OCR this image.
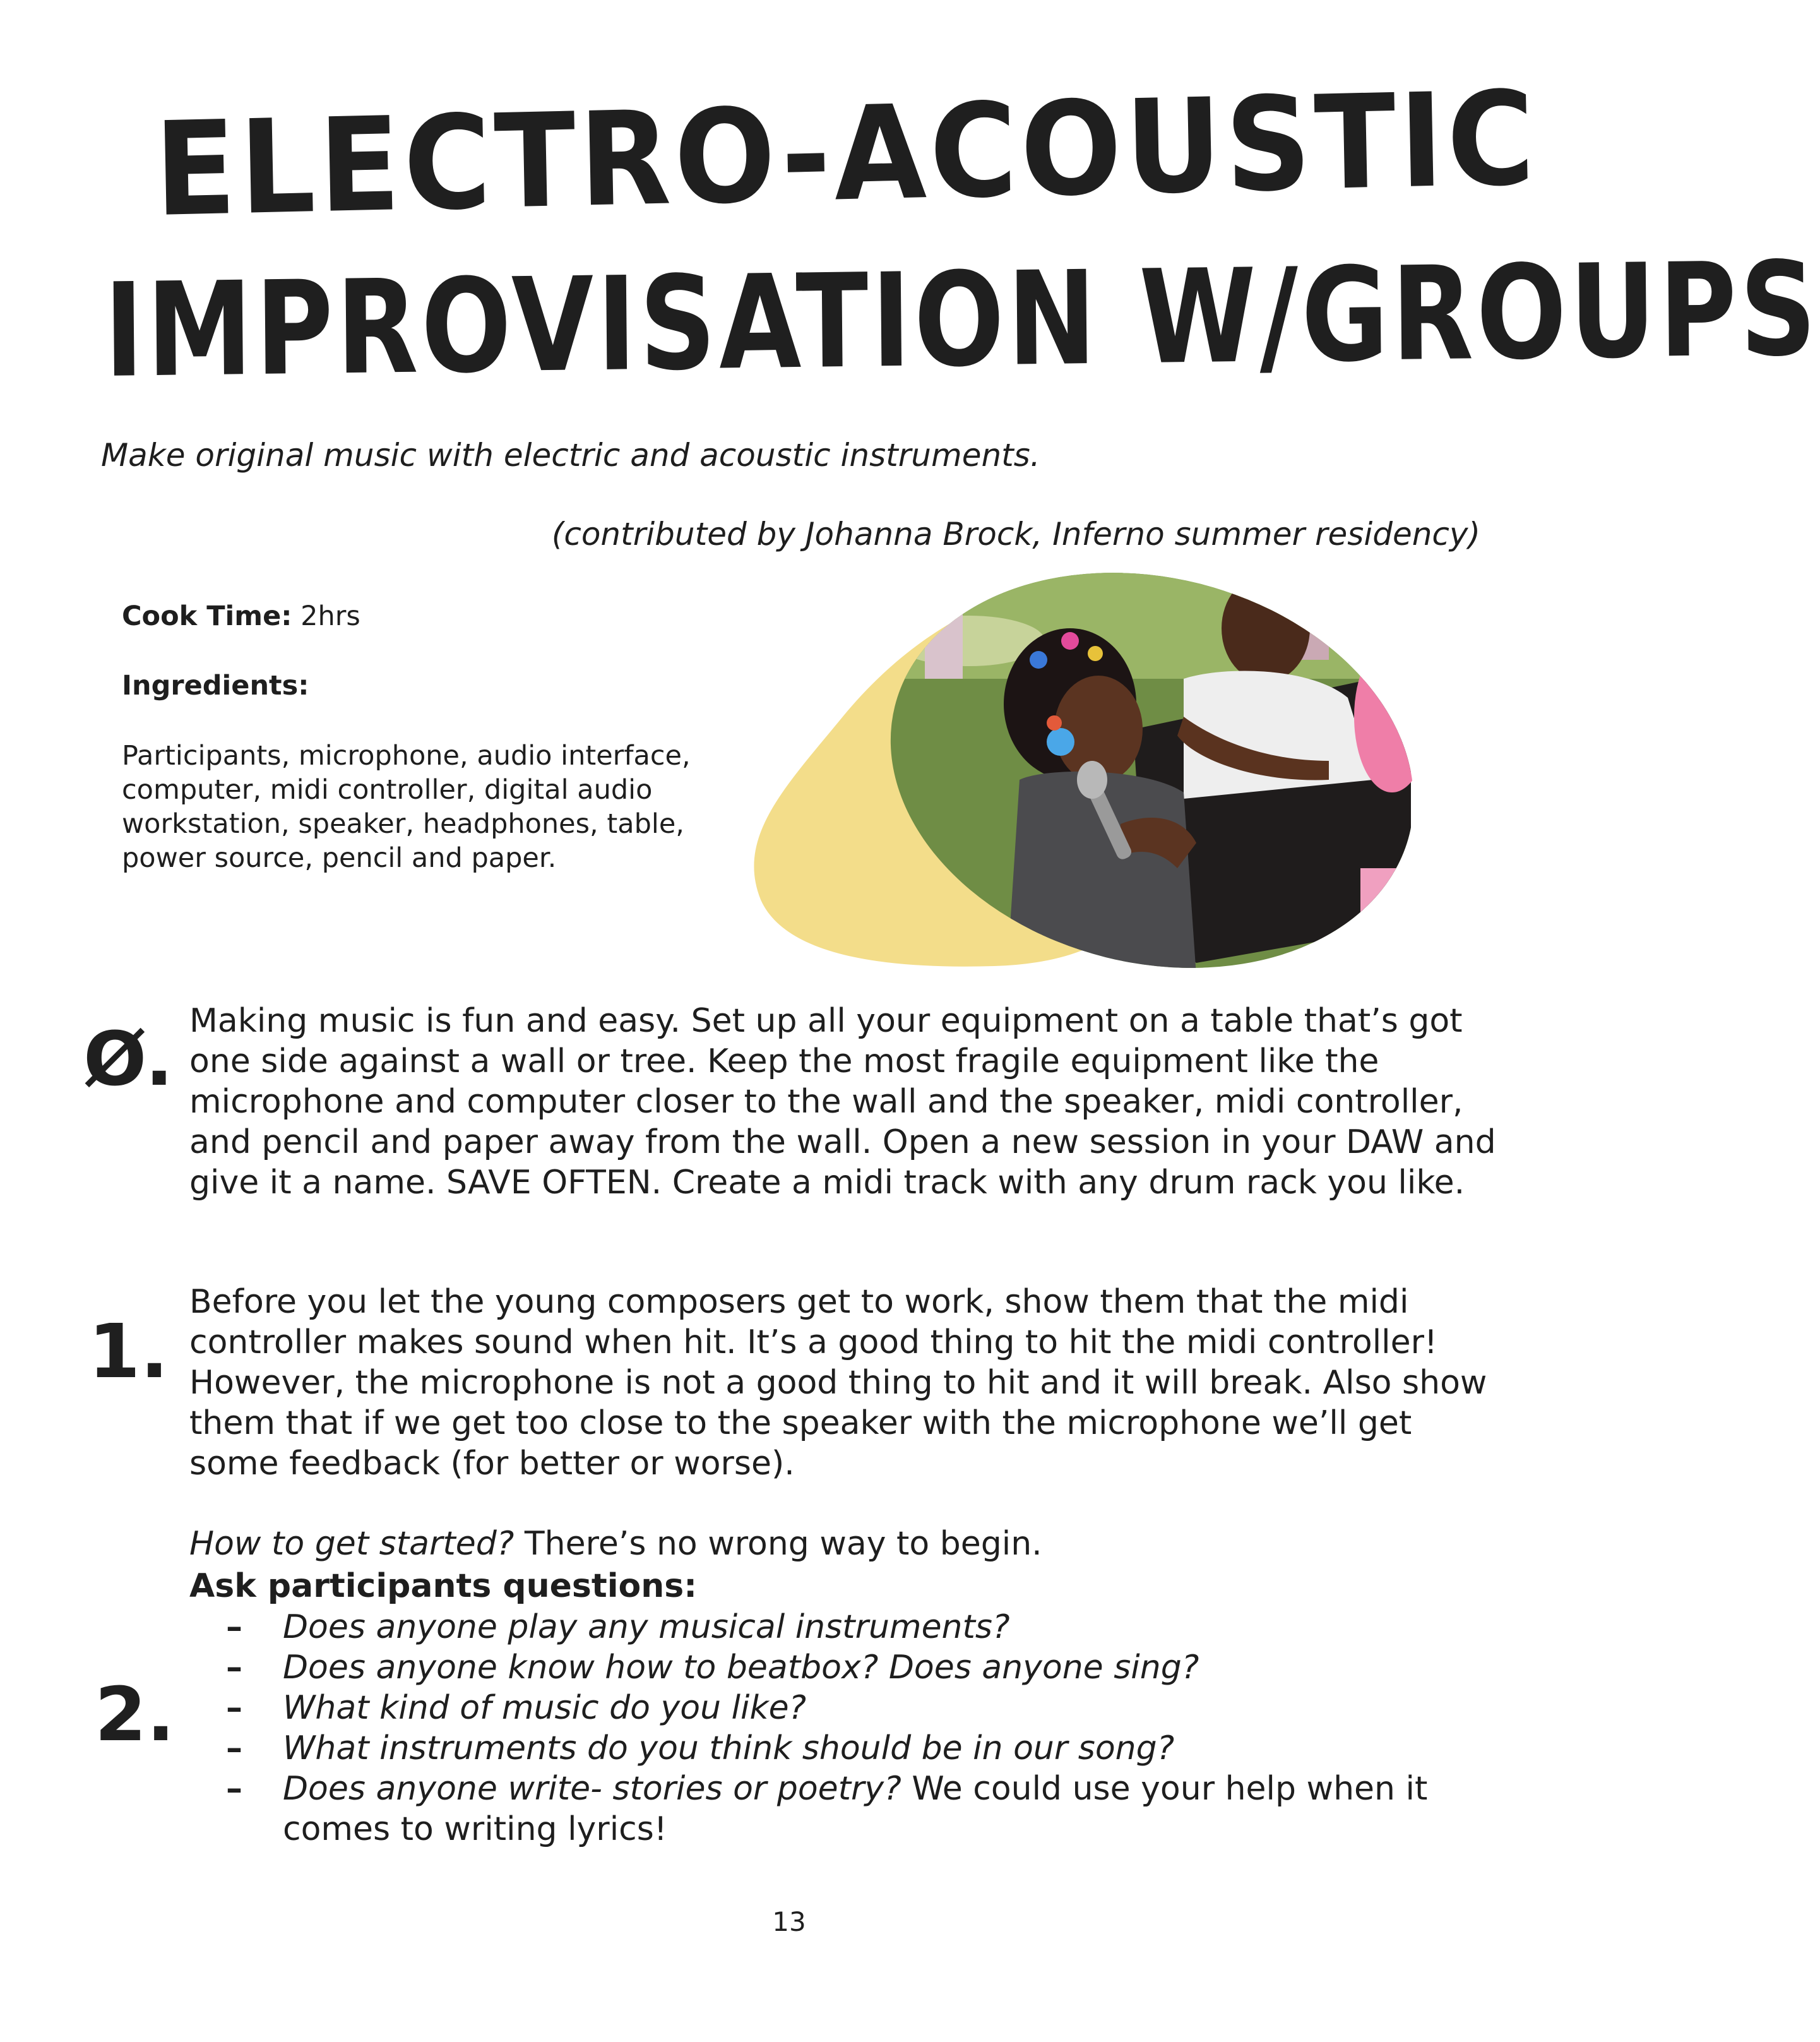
ELECTRO-ACOUSTIC
IMPROVISATION W/GROUPS

Make original music with electric and acoustic instruments.

(contributed by Johanna Brock, Inferno summer residency)

Cook Time: 2hrs
Ingredients:

Participants, microphone, audio interface, computer, midi controller, digital audio workstation, speaker, headphones, table, power source, pencil and paper.

Ø. Making music is fun and easy. Set up all your equipment on a table that’s got one side against a wall or tree. Keep the most fragile equipment like the microphone and computer closer to the wall and the speaker, midi controller, and pencil and paper away from the wall. Open a new session in your DAW and give it a name. SAVE OFTEN. Create a midi track with any drum rack you like.

1.

Before you let the young composers get to work, show them that the midi controller makes sound when hit. It’s a good thing to hit the midi controller! However, the microphone is not a good thing to hit and it will break. Also show them that if we get too close to the speaker with the microphone we’ll get some feedback (for better or worse).

How to get started? There’s no wrong way to begin.

2.

Ask participants questions:

– Does anyone play any musical instruments?
– Does anyone know how to beatbox? Does anyone sing?
– What kind of music do you like?
– What instruments do you think should be in our song?
– Does anyone write- stories or poetry? We could use your help when it comes to writing lyrics!

13
